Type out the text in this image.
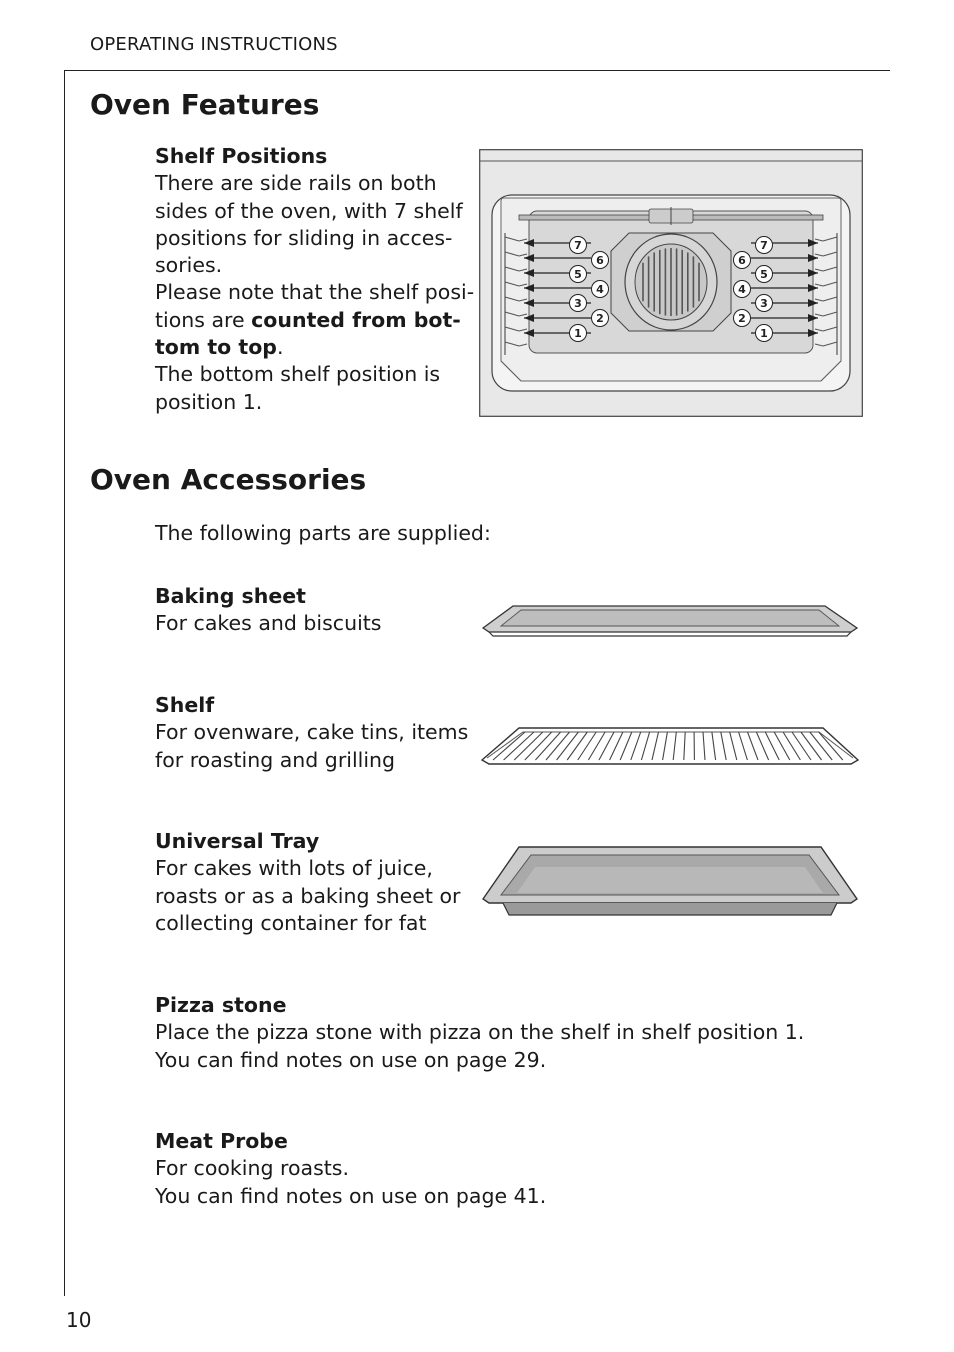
OPERATING INSTRUCTIONS
Oven Features
Shelf Positions
There are side rails on both
sides of the oven, with 7 shelf
positions for sliding in acces-
sories.
Please note that the shelf posi-
tions are counted from bot-
tom to top.
The bottom shelf position is
position 1.
7
6
5
4
3
2
1
7
6
5
4
3
2
1
Oven Accessories
The following parts are supplied:
Baking sheet
For cakes and biscuits
Shelf
For ovenware, cake tins, items
for roasting and grilling
Universal Tray
For cakes with lots of juice,
roasts or as a baking sheet or
collecting container for fat
Pizza stone
Place the pizza stone with pizza on the shelf in shelf position 1.
You can find notes on use on page 29.
Meat Probe
For cooking roasts.
You can find notes on use on page 41.
10
